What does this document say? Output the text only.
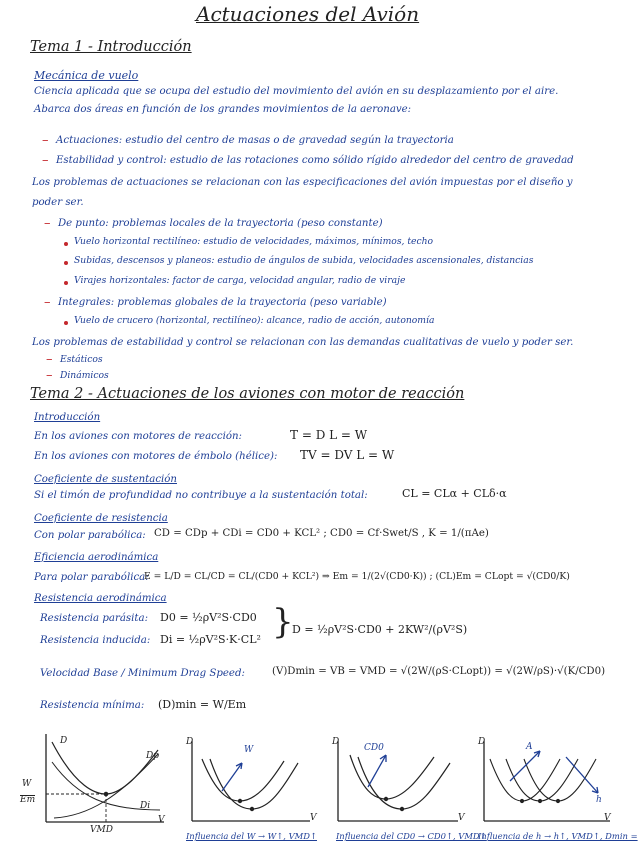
Actuaciones del Avión
Tema 1 - Introducción
Mecánica de vuelo
Ciencia aplicada que se ocupa del estudio del movimiento del avión en su desplazamiento por el aire.
Abarca dos áreas en función de los grandes movimientos de la aeronave:
– Actuaciones: estudio del centro de masas o de gravedad según la trayectoria
– Estabilidad y control: estudio de las rotaciones como sólido rígido alrededor del centro de gravedad
Los problemas de actuaciones se relacionan con las especificaciones del avión impuestas por el diseño y
poder ser.
– De punto: problemas locales de la trayectoria (peso constante)
Vuelo horizontal rectilíneo: estudio de velocidades, máximos, mínimos, techo
Subidas, descensos y planeos: estudio de ángulos de subida, velocidades ascensionales, distancias
Virajes horizontales: factor de carga, velocidad angular, radio de viraje
– Integrales: problemas globales de la trayectoria (peso variable)
Vuelo de crucero (horizontal, rectilíneo): alcance, radio de acción, autonomía
Los problemas de estabilidad y control se relacionan con las demandas cualitativas de vuelo y poder ser.
– Estáticos
– Dinámicos
Tema 2 - Actuaciones de los aviones con motor de reacción
Introducción
En los aviones con motores de reacción:	T = D L = W
En los aviones con motores de émbolo (hélice): TV = DV L = W
Coeficiente de sustentación
Si el timón de profundidad no contribuye a la sustentación total:	CL = CLα + CLδ·α
Coeficiente de resistencia
Con polar parabólica: CD = CDp + CDi = CD0 + KCL² ; CD0 = Cf·Swet/S , K = 1/(πAe)
Eficiencia aerodinámica
Para polar parabólica:
E = L/D = CL/CD = CL/(CD0 + KCL²) ⇒ Em = 1/(2√(CD0·K)) ; (CL)Em = CLopt = √(CD0/K)
Resistencia aerodinámica
Resistencia parásita: D0 = ½ρV²S·CD0
Resistencia inducida: Di = ½ρV²S·K·CL² }
D = ½ρV²S·CD0 + 2KW²/(ρV²S)
Velocidad Base / Minimum Drag Speed:	(V)Dmin = VB = VMD = √(2W/(ρS·CLopt)) = √(2W/ρS)·√(K/CD0)
Resistencia mínima: (D)min = W/Em
D
Dp
W
Em
Di
V
VMD
D
W
V
Influencia del W → W↑, VMD↑
D
CD0
V
Influencia del CD0 → CD0↑, VMD↑
D	A
h
V
Influencia de h → h↑, VMD↑, Dmin =
